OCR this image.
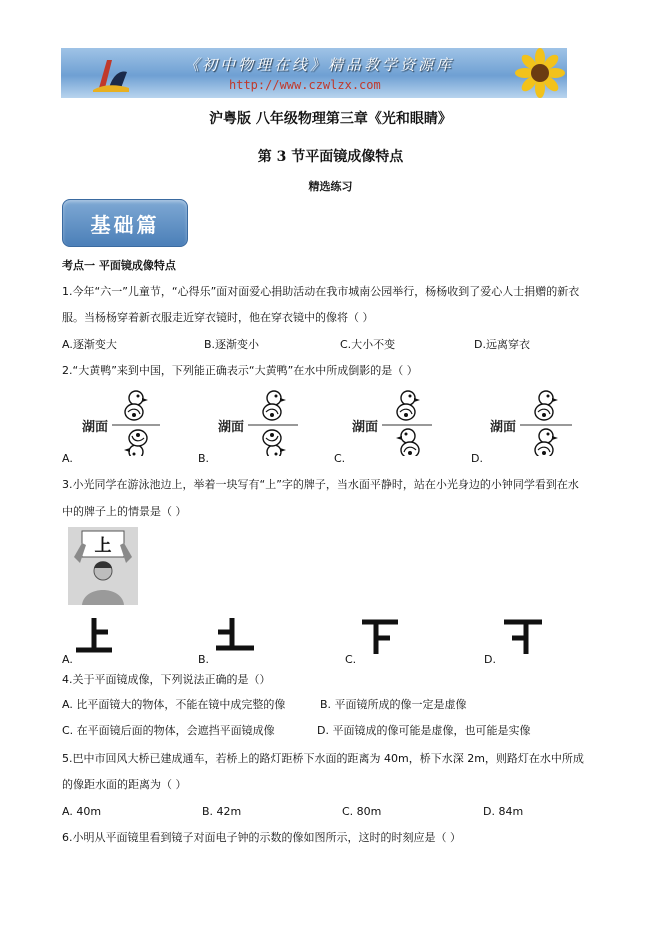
《初中物理在线》精品教学资源库
http://www.czwlzx.com
沪粤版 八年级物理第三章《光和眼睛》
第 3 节平面镜成像特点
精选练习
基础篇
考点一 平面镜成像特点
1.今年“六一”儿童节，“心得乐”面对面爱心捐助活动在我市城南公园举行，杨杨收到了爱心人士捐赠的新衣
服。当杨杨穿着新衣服走近穿衣镜时，他在穿衣镜中的像将（ ）
A.逐渐变大	B.逐渐变小	C.大小不变	D.远离穿衣
2.“大黄鸭”来到中国，下列能正确表示“大黄鸭”在水中所成倒影的是（ ）
湖面	湖面	湖面	湖面
A.	B.	C.	D.
3.小光同学在游泳池边上，举着一块写有“上”字的牌子，当水面平静时，站在小光身边的小钟同学看到在水
中的牌子上的情景是（ ）
上
A.	B.	C.	D.
4.关于平面镜成像，下列说法正确的是（）
A. 比平面镜大的物体，不能在镜中成完整的像	B. 平面镜所成的像一定是虚像
C. 在平面镜后面的物体，会遮挡平面镜成像	D. 平面镜成的像可能是虚像，也可能是实像
5.巴中市回风大桥已建成通车，若桥上的路灯距桥下水面的距离为 40m，桥下水深 2m，则路灯在水中所成
的像距水面的距离为（ ）
A. 40m	B. 42m	C. 80m	D. 84m
6.小明从平面镜里看到镜子对面电子钟的示数的像如图所示，这时的时刻应是（ ）
